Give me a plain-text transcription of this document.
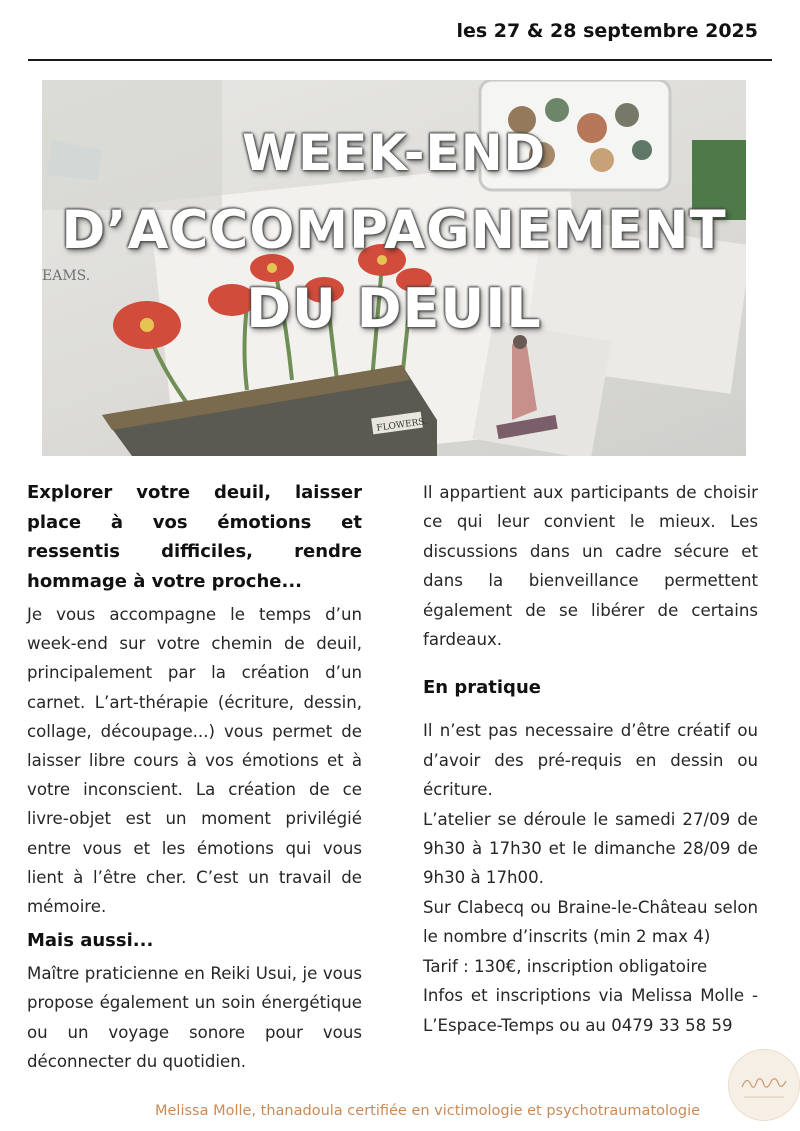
les 27 & 28 septembre 2025
FLOWERS.
EAMS.
WEEK-END
D’ACCOMPAGNEMENT
DU DEUIL

Explorer votre deuil, laisser place à vos émotions et ressentis difficiles, rendre hommage à votre proche...

Je vous accompagne le temps d’un week-end sur votre chemin de deuil, principalement par la création d’un carnet. L’art-thérapie (écriture, dessin, collage, découpage...) vous permet de laisser libre cours à vos émotions et à votre inconscient. La création de ce livre-objet est un moment privilégié entre vous et les émotions qui vous lient à l’être cher. C’est un travail de mémoire.

Mais aussi...

Maître praticienne en Reiki Usui, je vous propose également un soin énergétique ou un voyage sonore pour vous déconnecter du quotidien.

Il appartient aux participants de choisir ce qui leur convient le mieux. Les discussions dans un cadre sécure et dans la bienveillance permettent également de se libérer de certains fardeaux.

En pratique

Il n’est pas necessaire d’être créatif ou d’avoir des pré-requis en dessin ou écriture.

L’atelier se déroule le samedi 27/09 de 9h30 à 17h30 et le dimanche 28/09 de 9h30 à 17h00.

Sur Clabecq ou Braine-le-Château selon le nombre d’inscrits (min 2 max 4)

Tarif : 130€, inscription obligatoire

Infos et inscriptions via Melissa Molle - L’Espace-Temps ou au 0479 33 58 59

Melissa Molle, thanadoula certifiée en victimologie et psychotraumatologie
